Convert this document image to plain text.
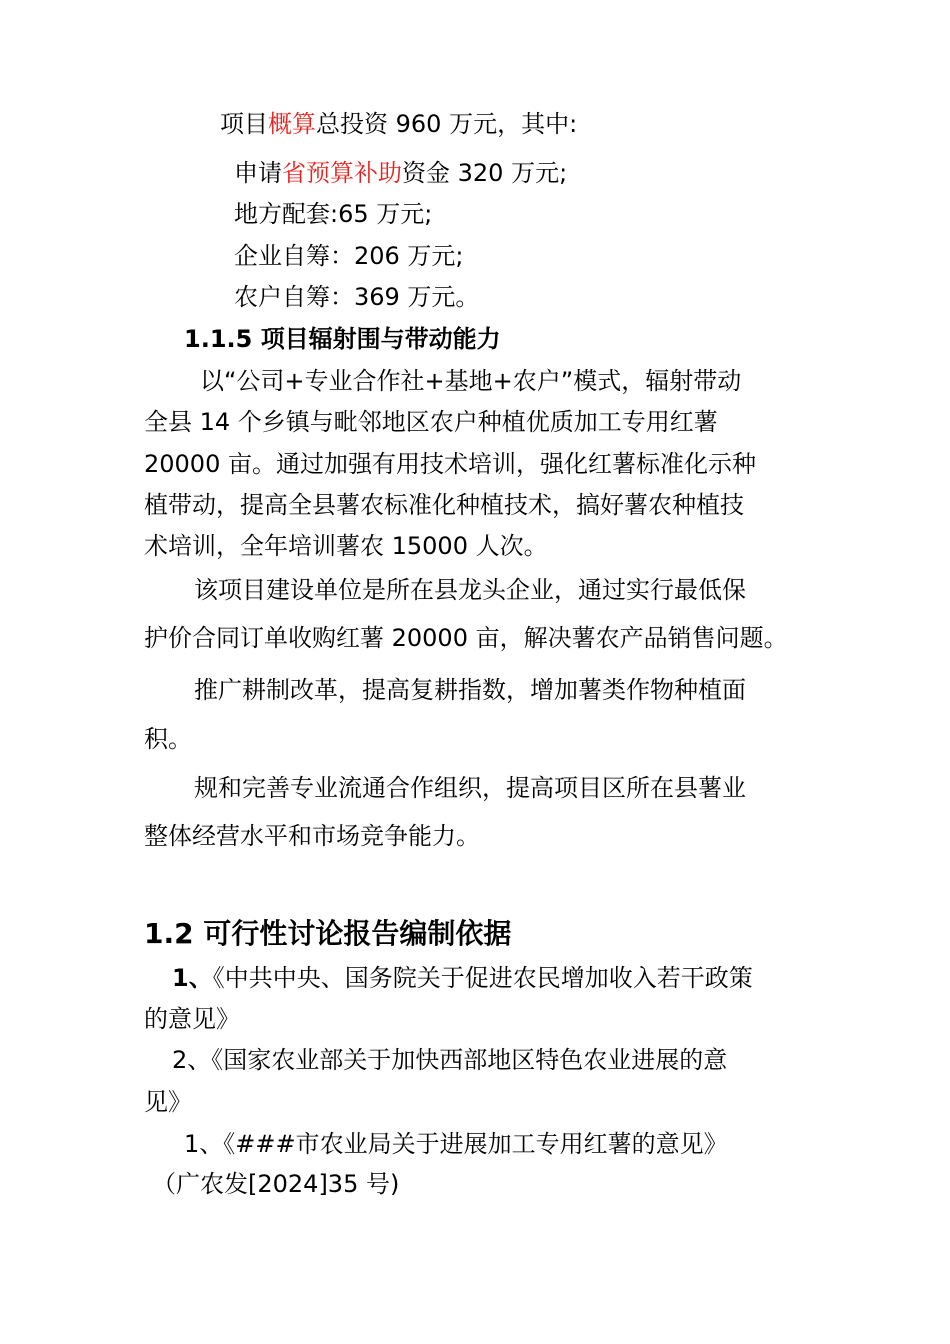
项目概算总投资 960 万元，其中:

申请省预算补助资金 320 万元;

地方配套:65 万元;

企业自筹：206 万元;

农户自筹：369 万元。

1.1.5 项目辐射围与带动能力

以“公司+专业合作社+基地+农户”模式，辐射带动

全县 14 个乡镇与毗邻地区农户种植优质加工专用红薯

20000 亩。通过加强有用技术培训，强化红薯标准化示种

植带动，提高全县薯农标准化种植技术，搞好薯农种植技

术培训，全年培训薯农 15000 人次。

该项目建设单位是所在县龙头企业，通过实行最低保

护价合同订单收购红薯 20000 亩，解决薯农产品销售问题。

推广耕制改革，提高复耕指数，增加薯类作物种植面

积。

规和完善专业流通合作组织，提高项目区所在县薯业

整体经营水平和市场竞争能力。

1.2 可行性讨论报告编制依据

1、《中共中央、国务院关于促进农民增加收入若干政策

的意见》

2、《国家农业部关于加快西部地区特色农业进展的意

见》

1、《###市农业局关于进展加工专用红薯的意见》

（广农发[2024]35 号)
